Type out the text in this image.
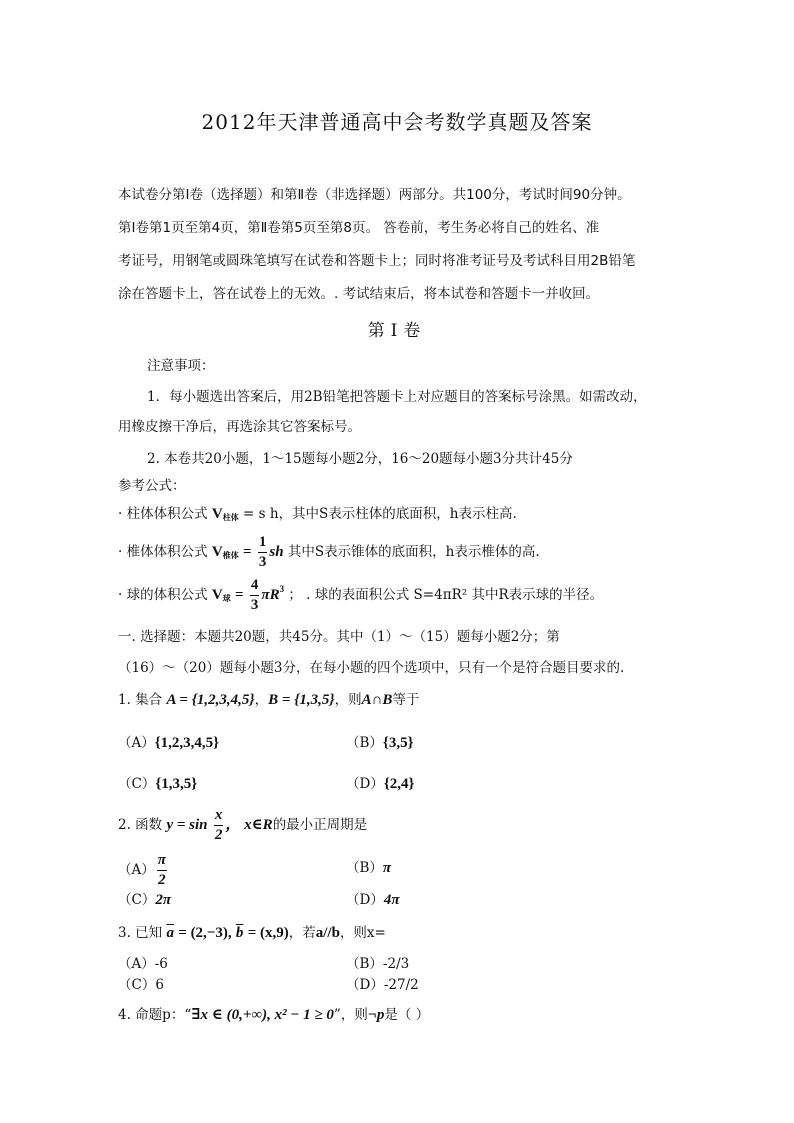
2012年天津普通高中会考数学真题及答案
本试卷分第Ⅰ卷（选择题）和第Ⅱ卷（非选择题）两部分。共100分，考试时间90分钟。
第Ⅰ卷第1页至第4页，第Ⅱ卷第5页至第8页。 答卷前，考生务必将自己的姓名、准
考证号，用钢笔或圆珠笔填写在试卷和答题卡上；同时将准考证号及考试科目用2B铅笔
涂在答题卡上，答在试卷上的无效。. 考试结束后，将本试卷和答题卡一并收回。
第Ⅰ卷
注意事项：
1．每小题选出答案后，用2B铅笔把答题卡上对应题目的答案标号涂黑。如需改动，
用橡皮擦干净后，再选涂其它答案标号。
2. 本卷共20小题，1～15题每小题2分，16～20题每小题3分共计45分
参考公式：
· 柱体体积公式 $V_{柱体} = s$ h，其中S表示柱体的底面积，h表示柱高.
· 椎体体积公式 $V_{椎体} = \frac{1}{3}$ sh 其中S表示锥体的底面积，h表示椎体的高.
· 球的体积公式 $V_球 = \frac{4}{3} \pi R^3$ ； . 球的表面积公式 S=4πR² 其中R表示球的半径。
一. 选择题：本题共20题，共45分。其中（1）～（15）题每小题2分；第
（16）～（20）题每小题3分，在每小题的四个选项中，只有一个是符合题目要求的.
1. 集合 A = {1,2,3,4,5}，B = {1,3,5}，则A∩B等于
（A）{1,2,3,4,5}	（B）{3,5}
（C）{1,3,5}	（D）{2,4}
2. 函数 $y = \sin \frac{x}{2}$ ， x∈R的最小正周期是
$(A) \frac{\pi}{2}$	（B）π
（C）2π	（D）4π
3. 已知 $\overline{a} = (2,-3)$, $\overline{b} = (x,9)$，若a//b，则x=
（A）-6	（B）-2/3
（C）6	（D）-27/2
4. 命题p：“∃x ∈ (0,+∞), x² − 1 ≥ 0”，则¬p是（ ）
